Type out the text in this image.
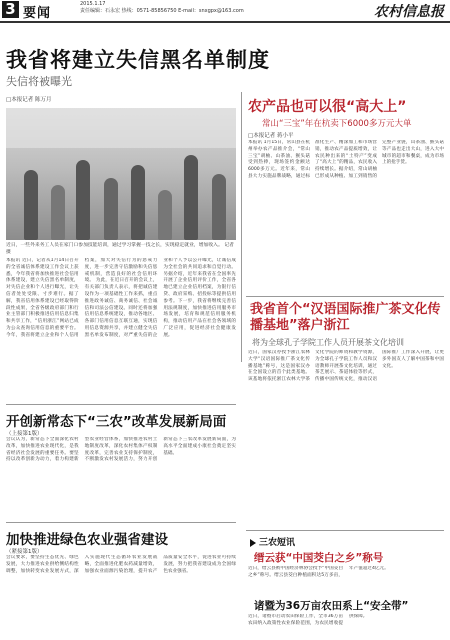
3 要闻
2015.1.17
责任编辑：石永宏 热线：0571-85856750 E-mail：snxgpx@163.com	农村信息报
我省将建立失信黑名单制度
失信将被曝光
□本报记者 陈万月
近日，一些外来务工人员在家门口参加技能培训，通过学习掌握一技之长，实现稳定就业，增加收入。 记者 摄
农产品也可以很“高大上”
常山“三宝”年在杭卖下6000多万元大单
□本报记者 蒋小平
本报讯 1月15日，常山县在杭州举办农产品推介会，“常山三宝”胡柚、山茶油、猴头菇受到热捧，现场签约金额达6000多万元。近年来，常山县大力实施品牌战略，通过标准化生产、精深加工和市场营销，推动农产品提质增效，让农民种出来的“土特产”变成了“高大上”的精品，农民收入持续增长。据介绍，常山胡柚已形成从种植、加工到销售的完整产业链，山茶油、猴头菇等产品也走出大山，进入大中城市的超市和餐桌，成为市场上的抢手货。
我省首个“汉语国际推广茶文化传播基地”落户浙江
将为全球孔子学院工作人员开展茶文化培训
近日，国家汉办授予浙江农林大学“汉语国际推广茶文化传播基地”称号，这是国家汉办在全国设立的首个此类基地。该基地将依托浙江农林大学茶文化学院的师资和教学资源，为全球孔子学院工作人员和汉语教师开展茶文化培训，通过茶艺展示、茶道体验等形式，传播中国传统文化，推动汉语国际推广工作深入开展，让更多外国友人了解中国茶和中国文化。
开创新常态下“三农”改革发展新局面
（上接第1版）
会议认为，新常态下全面深化农村改革，加快推进农业现代化，是我省经济社会发展的重要任务。要坚持以改革创新为动力，着力构建新型农业经营体系，加快推进农村土地制度改革，深化农村集体产权制度改革，完善农业支持保护制度，不断激发农村发展活力，努力开创新常态下三农改革发展新局面，为高水平全面建成小康社会奠定坚实基础。
加快推进绿色农业强省建设
（紧接第1版）
会议要求，要坚持生态优先、绿色发展，大力推进农业供给侧结构性调整，加快转变农业发展方式，深入实施现代生态循环农业发展战略，全面推进化肥农药减量增效，加强农业面源污染治理，提升农产品质量安全水平，促进农业可持续发展，努力把我省建设成为全国绿色农业强省。
本报讯 近日，记者从1月14日召开的全省诚信体系建设工作会议上获悉，今年我省将加快推进社会信用体系建设，建立失信黑名单制度，对失信企业和个人进行曝光，让失信者处处受限、寸步难行。据了解，我省信用体系建设已经取得阶段性成果，全省各级政府部门和行业主管部门积极推进信用信息归集和共享工作，“信用浙江”网站已成为公众查询信用信息的重要平台。今年，我省将建立企业和个人信用档案，加大对失信行为的惩戒力度，进一步完善守信激励和失信惩戒机制，营造良好的社会信用环境。 为此，在近日召开的会议上，有关部门负责人表示，将把诚信建设作为一项基础性工作来抓，重点推进政务诚信、商务诚信、社会诚信和司法公信建设。同时还将加强信用信息系统建设，推动各地区、各部门信用信息互联互通，实现信用信息资源共享，并建立健全失信黑名单发布制度，对严重失信的企业和个人予以公开曝光，让诚信成为全社会的共同追求和自觉行动。 另据介绍，近年来我省在全国率先开展了企业信用评价工作，全省各地已建立企业信用档案，为银行信贷、政府采购、招投标等提供信用参考。下一步，我省将继续完善信用法规制度，加快推进信用服务市场发展，培育和规范信用服务机构，推动信用产品在社会各领域的广泛应用，促进经济社会健康发展。
三农短讯
缙云获“中国茭白之乡”称号
近日，缙云县被中国经济林协会授予“中国茭白之乡”称号。缙云县茭白种植面积达5万多亩，年产值超过4亿元。
诸暨为36万亩农田系上“安全带”
近日，诸暨市启动农田保险工作，全市36万亩农田纳入政策性农业保险范围，为农民增收提供保障。
